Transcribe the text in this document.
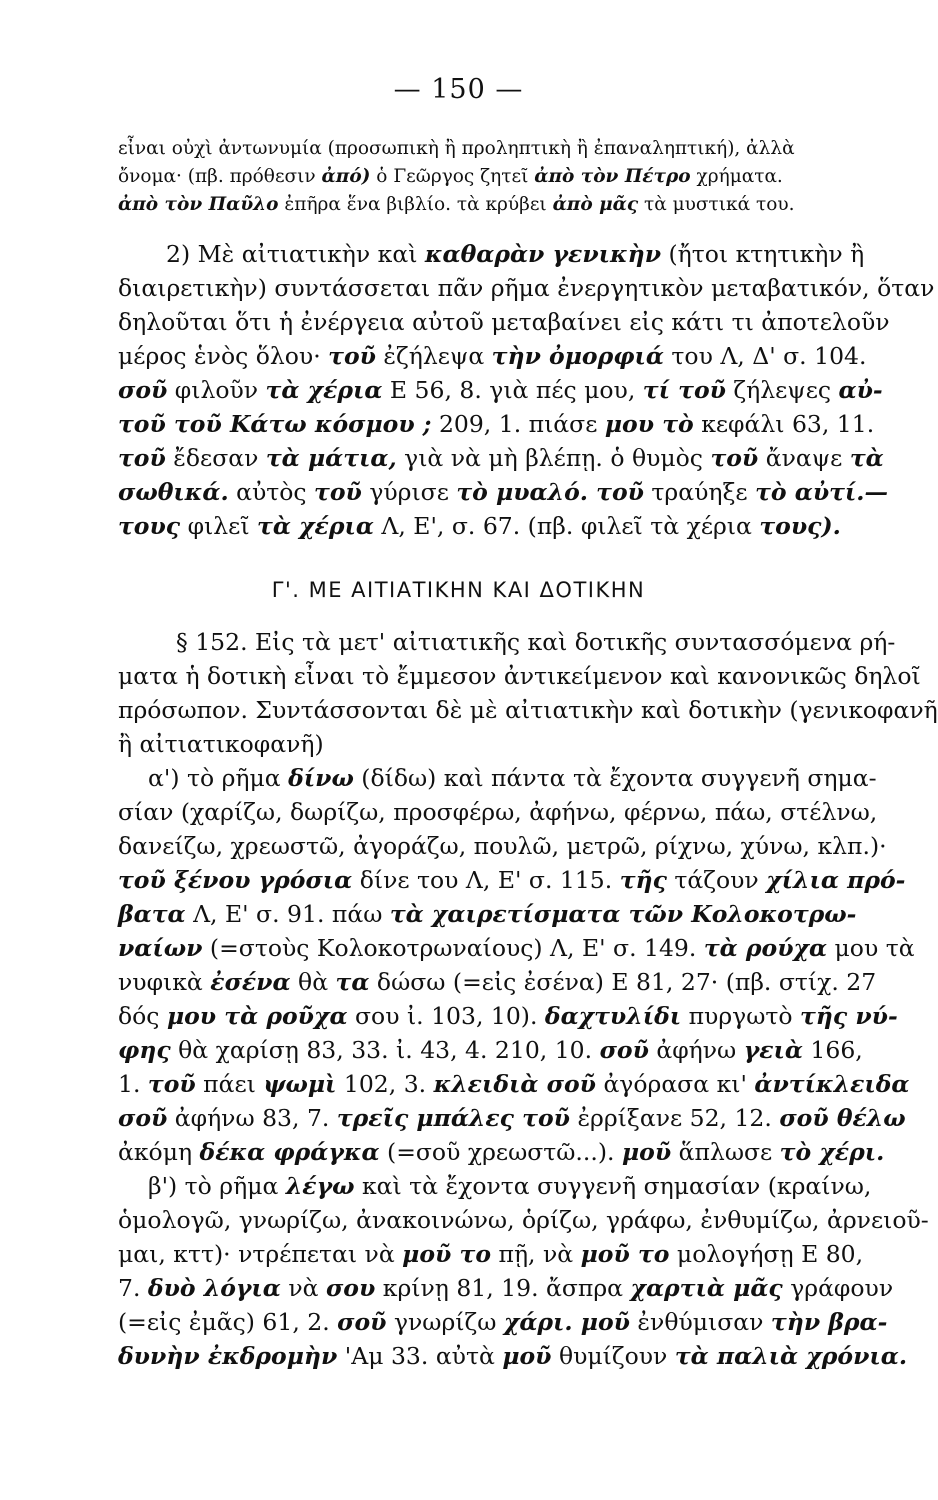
— 150 —
Γ'. ΜΕ ΑΙΤΙΑΤΙΚΗΝ ΚΑΙ ΔΟΤΙΚΗΝ
εἶναι οὐχὶ ἀντωνυμία (προσωπικὴ ἢ προληπτικὴ ἢ ἐπαναληπτική), ἀλλὰ
ὄνομα· (πβ. πρόθεσιν ἀπό) ὁ Γεῶργος ζητεῖ ἀπὸ τὸν Πέτρο χρήματα.
ἀπὸ τὸν Παῦλο ἐπῆρα ἕνα βιβλίο. τὰ κρύβει ἀπὸ μᾶς τὰ μυστικά του.
2) Μὲ αἰτιατικὴν καὶ καθαρὰν γενικὴν (ἤτοι κτητικὴν ἢ
διαιρετικὴν) συντάσσεται πᾶν ρῆμα ἐνεργητικὸν μεταβατικόν, ὅταν
δηλοῦται ὅτι ἡ ἐνέργεια αὐτοῦ μεταβαίνει εἰς κάτι τι ἀποτελοῦν
μέρος ἑνὸς ὅλου· τοῦ ἐζήλεψα τὴν ὀμορφιά του Λ, Δ' σ. 104.
σοῦ φιλοῦν τὰ χέρια Ε 56, 8. γιὰ πές μου, τί τοῦ ζήλεψες αὐ-
τοῦ τοῦ Κάτω κόσμου ; 209, 1. πιάσε μου τὸ κεφάλι 63, 11.
τοῦ ἔδεσαν τὰ μάτια, γιὰ νὰ μὴ βλέπῃ. ὁ θυμὸς τοῦ ἄναψε τὰ
σωθικά. αὐτὸς τοῦ γύρισε τὸ μυαλό. τοῦ τραύηξε τὸ αὐτί.—
τους φιλεῖ τὰ χέρια Λ, Ε', σ. 67. (πβ. φιλεῖ τὰ χέρια τους).
§ 152. Εἰς τὰ μετ' αἰτιατικῆς καὶ δοτικῆς συντασσόμενα ρή-
ματα ἡ δοτικὴ εἶναι τὸ ἔμμεσον ἀντικείμενον καὶ κανονικῶς δηλοῖ
πρόσωπον. Συντάσσονται δὲ μὲ αἰτιατικὴν καὶ δοτικὴν (γενικοφανῆ
ἢ αἰτιατικοφανῆ)
α') τὸ ρῆμα δίνω (δίδω) καὶ πάντα τὰ ἔχοντα συγγενῆ σημα-
σίαν (χαρίζω, δωρίζω, προσφέρω, ἀφήνω, φέρνω, πάω, στέλνω,
δανείζω, χρεωστῶ, ἀγοράζω, πουλῶ, μετρῶ, ρίχνω, χύνω, κλπ.)·
τοῦ ξένου γρόσια δίνε του Λ, Ε' σ. 115. τῆς τάζουν χίλια πρό-
βατα Λ, Ε' σ. 91. πάω τὰ χαιρετίσματα τῶν Κολοκοτρω-
ναίων (=στοὺς Κολοκοτρωναίους) Λ, Ε' σ. 149. τὰ ρούχα μου τὰ
νυφικὰ ἐσένα θὰ τα δώσω (=εἰς ἐσένα) Ε 81, 27· (πβ. στίχ. 27
δός μου τὰ ροῦχα σου ἰ. 103, 10). δαχτυλίδι πυργωτὸ τῆς νύ-
φης θὰ χαρίσῃ 83, 33. ἰ. 43, 4. 210, 10. σοῦ ἀφήνω γειὰ 166,
1. τοῦ πάει ψωμὶ 102, 3. κλειδιὰ σοῦ ἀγόρασα κι' ἀντίκλειδα
σοῦ ἀφήνω 83, 7. τρεῖς μπάλες τοῦ ἐρρίξανε 52, 12. σοῦ θέλω
ἀκόμη δέκα φράγκα (=σοῦ χρεωστῶ...). μοῦ ἅπλωσε τὸ χέρι.
β') τὸ ρῆμα λέγω καὶ τὰ ἔχοντα συγγενῆ σημασίαν (κραίνω,
ὁμολογῶ, γνωρίζω, ἀνακοινώνω, ὁρίζω, γράφω, ἐνθυμίζω, ἀρνειοῦ-
μαι, κττ)· ντρέπεται νὰ μοῦ το πῇ, νὰ μοῦ το μολογήσῃ Ε 80,
7. δυὸ λόγια νὰ σου κρίνῃ 81, 19. ἄσπρα χαρτιὰ μᾶς γράφουν
(=εἰς ἐμᾶς) 61, 2. σοῦ γνωρίζω χάρι. μοῦ ἐνθύμισαν τὴν βρα-
δυνὴν ἐκδρομὴν 'Αμ 33. αὐτὰ μοῦ θυμίζουν τὰ παλιὰ χρόνια.
